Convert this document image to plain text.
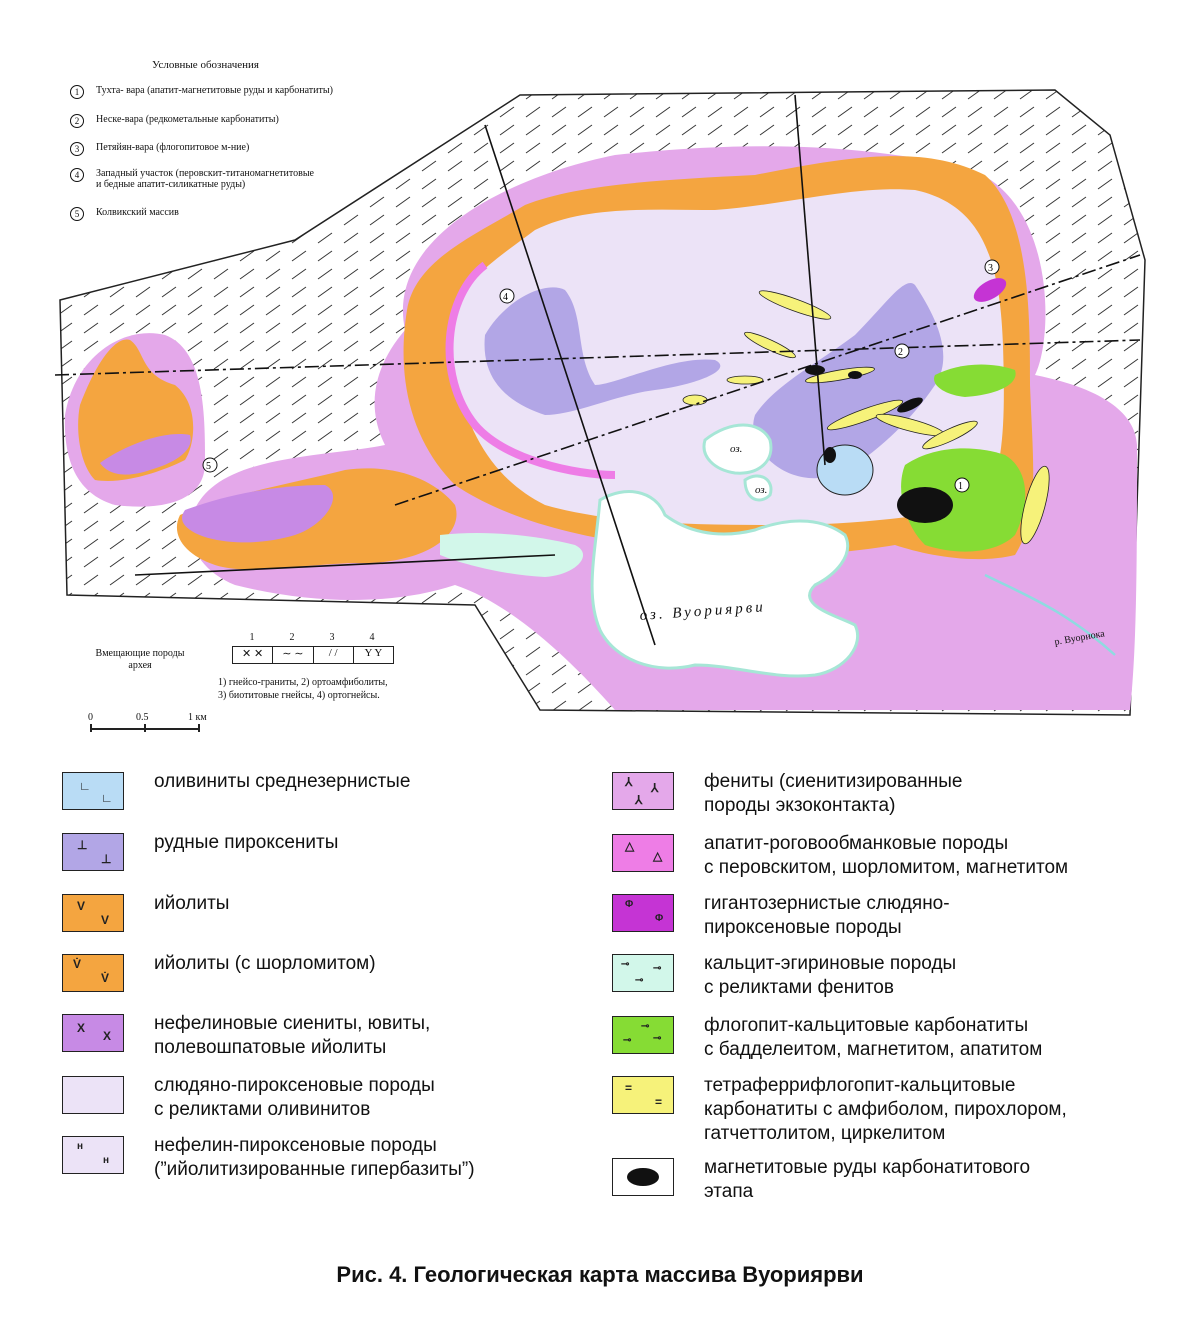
Условные обозначения
1	Тухта- вара (апатит-магнетитовые руды и карбонатиты)
2	Неске-вара (редкометальные карбонатиты)
3	Петяйян-вара (флогопитовое м-ние)
4	Западный участок (перовскит-титаномагнетитовые
и бедные апатит-силикатные руды)
5	Колвикский массив
оз. Вуориярви
оз.
оз.
р. Вуориока
1
2
3
4
5
Вмещающие породы
архея
1	2	3	4
✕ ✕	∼ ∼	/ /	Y Y
1) гнейсо-граниты, 2) ортоамфиболиты,
3) биотитовые гнейсы, 4) ортогнейсы.
0	0.5	1 км
∟
∟
оливиниты среднезернистые
⊥
⊥
рудные пироксениты
V
V
ийолиты
V̇
V̇
ийолиты (с шорломитом)
X
X
нефелиновые сиениты, ювиты,
полевошпатовые ийолиты
слюдяно-пироксеновые породы
с реликтами оливинитов
н
н
нефелин-пироксеновые породы
(”ийолитизированные гипербазиты”)
⅄ ⅄
⅄
фениты (сиенитизированные
породы экзоконтакта)
△
△
апатит-роговообманковые породы
с перовскитом, шорломитом, магнетитом
Φ
Φ
гигантозернистые слюдяно-
пироксеновые породы
⊸ ⊸
⊸
кальцит-эгириновые породы
с реликтами фенитов
⊸
⊸ ⊸
флогопит-кальцитовые карбонатиты
с бадделеитом, магнетитом, апатитом
=
=
тетраферрифлогопит-кальцитовые
карбонатиты с амфиболом, пирохлором,
гатчеттолитом, циркелитом
магнетитовые руды карбонатитового
этапа
Рис. 4. Геологическая карта массива Вуориярви
